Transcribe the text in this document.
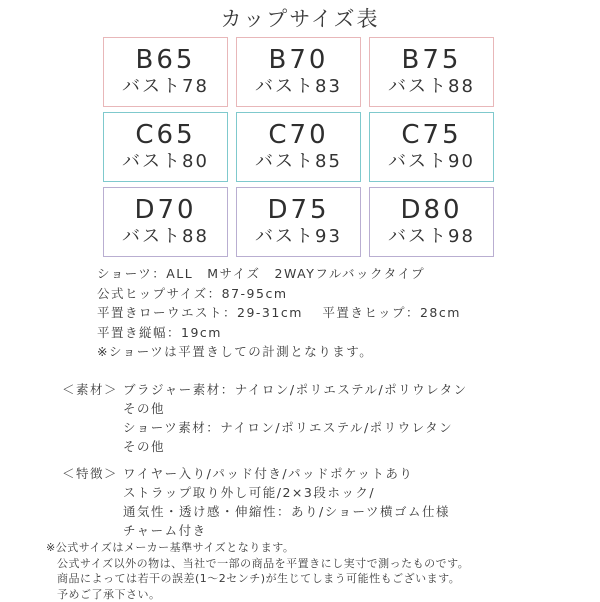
カップサイズ表
B65
バスト78
B70
バスト83
B75
バスト88
C65
バスト80
C70
バスト85
C75
バスト90
D70
バスト88
D75
バスト93
D80
バスト98
ショーツ：ALL　Mサイズ　2WAYフルバックタイプ
公式ヒップサイズ：87-95cm
平置きローウエスト：29-31cm　 平置きヒップ：28cm
平置き縦幅：19cm
※ショーツは平置きしての計測となります。
＜素材＞ ブラジャー素材：ナイロン/ポリエステル/ポリウレタン
その他
ショーツ素材：ナイロン/ポリエステル/ポリウレタン
その他
＜特徴＞ ワイヤー入り/パッド付き/パッドポケットあり
ストラップ取り外し可能/2×3段ホック/
通気性・透け感・伸縮性：あり/ショーツ横ゴム仕様
チャーム付き
※公式サイズはメーカー基準サイズとなります。
公式サイズ以外の物は、当社で一部の商品を平置きにし実寸で測ったものです。
商品によっては若干の誤差(1～2センチ)が生じてしまう可能性もございます。
予めご了承下さい。
